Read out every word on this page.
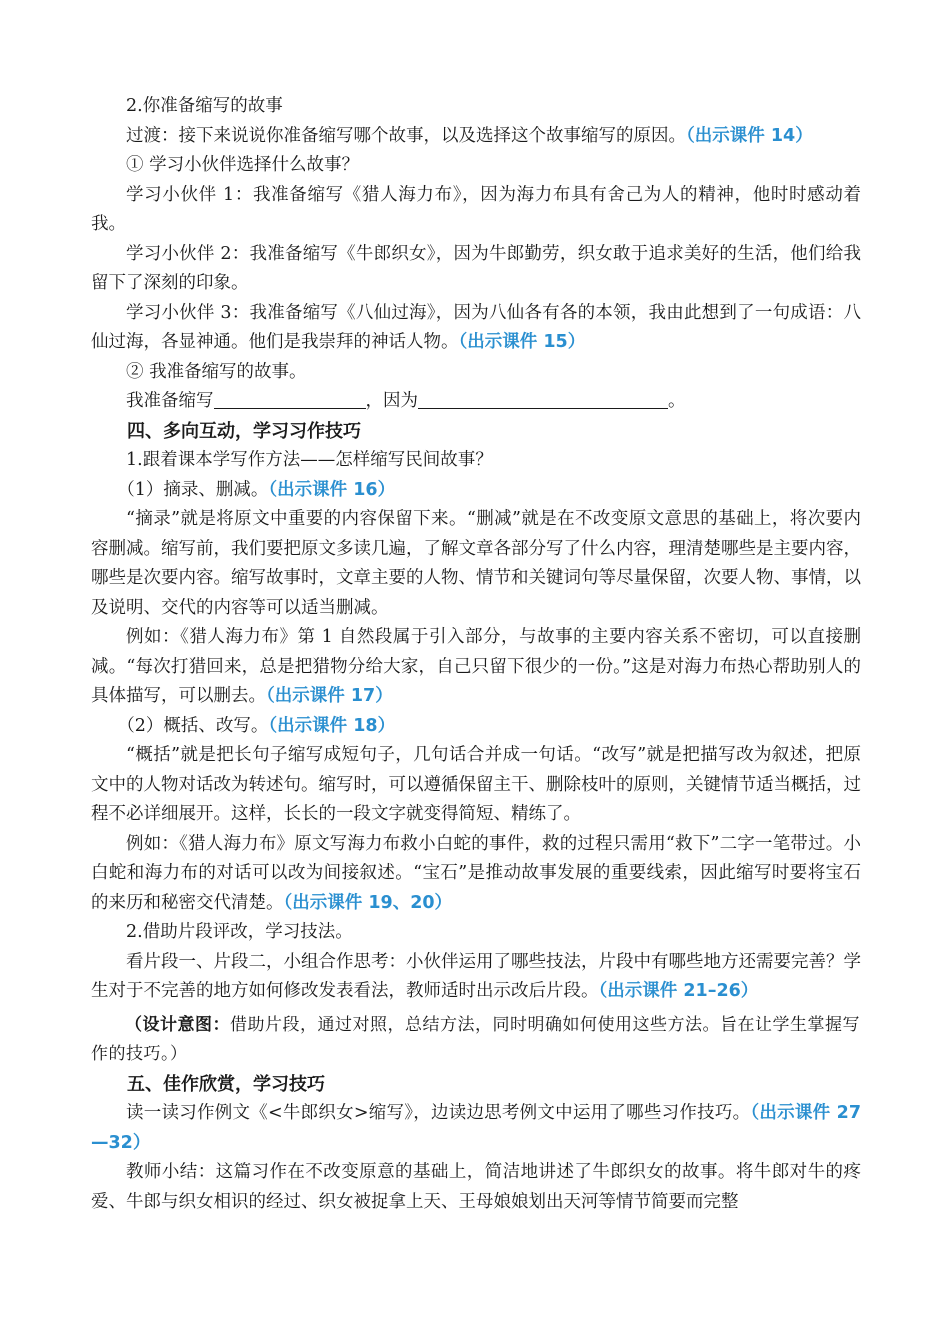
2.你准备缩写的故事

过渡：接下来说说你准备缩写哪个故事，以及选择这个故事缩写的原因。（出示课件 14）

① 学习小伙伴选择什么故事？

学习小伙伴 1：我准备缩写《猎人海力布》，因为海力布具有舍己为人的精神，他时时感动着我。

学习小伙伴 2：我准备缩写《牛郎织女》，因为牛郎勤劳，织女敢于追求美好的生活，他们给我留下了深刻的印象。

学习小伙伴 3：我准备缩写《八仙过海》，因为八仙各有各的本领，我由此想到了一句成语：八仙过海，各显神通。他们是我崇拜的神话人物。（出示课件 15）

② 我准备缩写的故事。

我准备缩写	，因为	。

四、多向互动，学习习作技巧

1.跟着课本学写作方法——怎样缩写民间故事？

（1）摘录、删减。（出示课件 16）

“摘录”就是将原文中重要的内容保留下来。“删减”就是在不改变原文意思的基础上，将次要内容删减。缩写前，我们要把原文多读几遍，了解文章各部分写了什么内容，理清楚哪些是主要内容，哪些是次要内容。缩写故事时，文章主要的人物、情节和关键词句等尽量保留，次要人物、事情，以及说明、交代的内容等可以适当删减。

例如：《猎人海力布》第 1 自然段属于引入部分，与故事的主要内容关系不密切，可以直接删减。“每次打猎回来，总是把猎物分给大家，自己只留下很少的一份。”这是对海力布热心帮助别人的具体描写，可以删去。（出示课件 17）

（2）概括、改写。（出示课件 18）

“概括”就是把长句子缩写成短句子，几句话合并成一句话。“改写”就是把描写改为叙述，把原文中的人物对话改为转述句。缩写时，可以遵循保留主干、删除枝叶的原则，关键情节适当概括，过程不必详细展开。这样，长长的一段文字就变得简短、精练了。

例如：《猎人海力布》原文写海力布救小白蛇的事件，救的过程只需用“救下”二字一笔带过。小白蛇和海力布的对话可以改为间接叙述。“宝石”是推动故事发展的重要线索，因此缩写时要将宝石的来历和秘密交代清楚。（出示课件 19、20）

2.借助片段评改，学习技法。

看片段一、片段二，小组合作思考：小伙伴运用了哪些技法，片段中有哪些地方还需要完善？学生对于不完善的地方如何修改发表看法，教师适时出示改后片段。（出示课件 21–26）

（设计意图：借助片段，通过对照，总结方法，同时明确如何使用这些方法。旨在让学生掌握写作的技巧。）

五、佳作欣赏，学习技巧

读一读习作例文《<牛郎织女>缩写》，边读边思考例文中运用了哪些习作技巧。（出示课件 27—32）

教师小结：这篇习作在不改变原意的基础上，简洁地讲述了牛郎织女的故事。将牛郎对牛的疼爱、牛郎与织女相识的经过、织女被捉拿上天、王母娘娘划出天河等情节简要而完整
